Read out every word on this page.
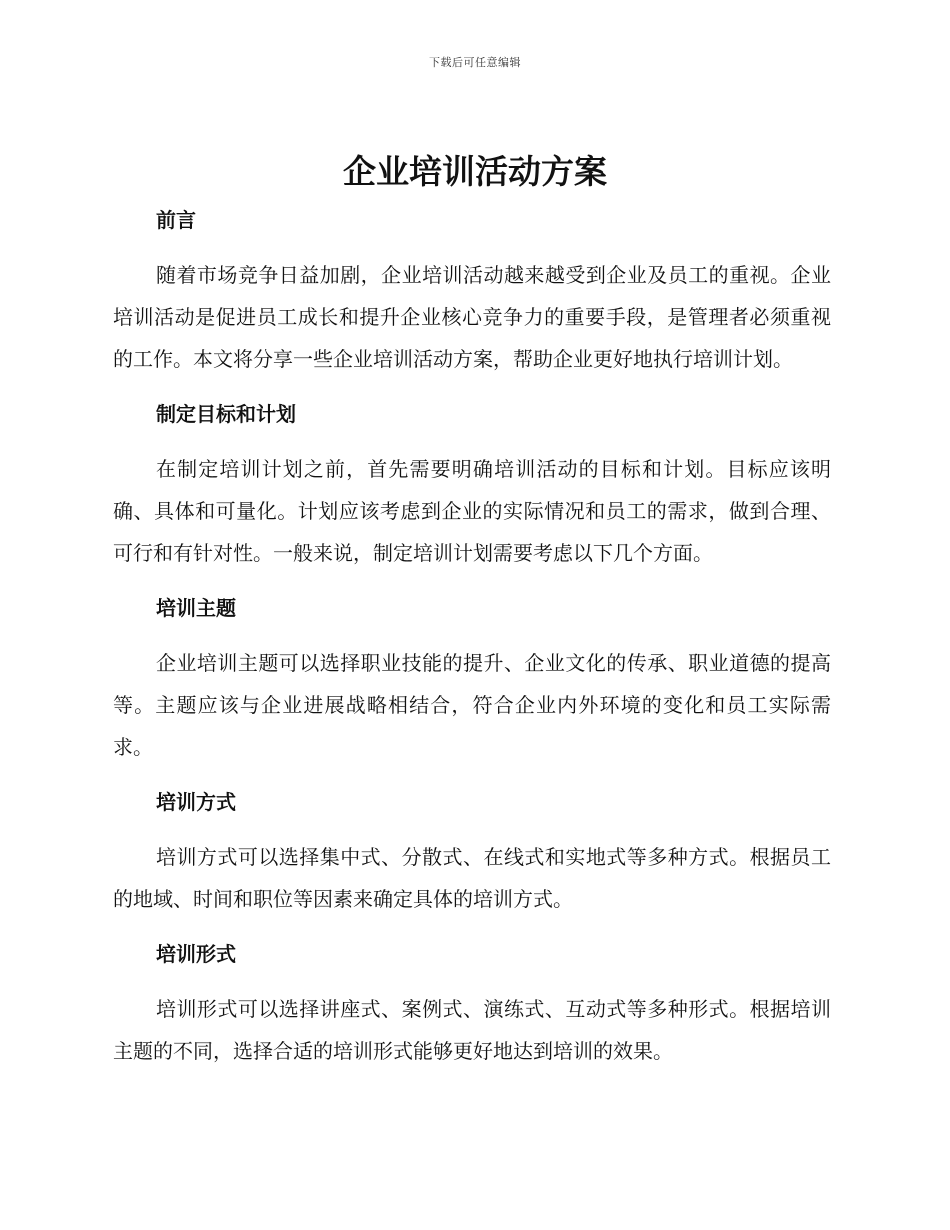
下载后可任意编辑
企业培训活动方案
前言

随着市场竞争日益加剧，企业培训活动越来越受到企业及员工的重视。企业培训活动是促进员工成长和提升企业核心竞争力的重要手段，是管理者必须重视的工作。本文将分享一些企业培训活动方案，帮助企业更好地执行培训计划。

制定目标和计划

在制定培训计划之前，首先需要明确培训活动的目标和计划。目标应该明确、具体和可量化。计划应该考虑到企业的实际情况和员工的需求，做到合理、可行和有针对性。一般来说，制定培训计划需要考虑以下几个方面。

培训主题

企业培训主题可以选择职业技能的提升、企业文化的传承、职业道德的提高等。主题应该与企业进展战略相结合，符合企业内外环境的变化和员工实际需求。

培训方式

培训方式可以选择集中式、分散式、在线式和实地式等多种方式。根据员工的地域、时间和职位等因素来确定具体的培训方式。

培训形式

培训形式可以选择讲座式、案例式、演练式、互动式等多种形式。根据培训主题的不同，选择合适的培训形式能够更好地达到培训的效果。
